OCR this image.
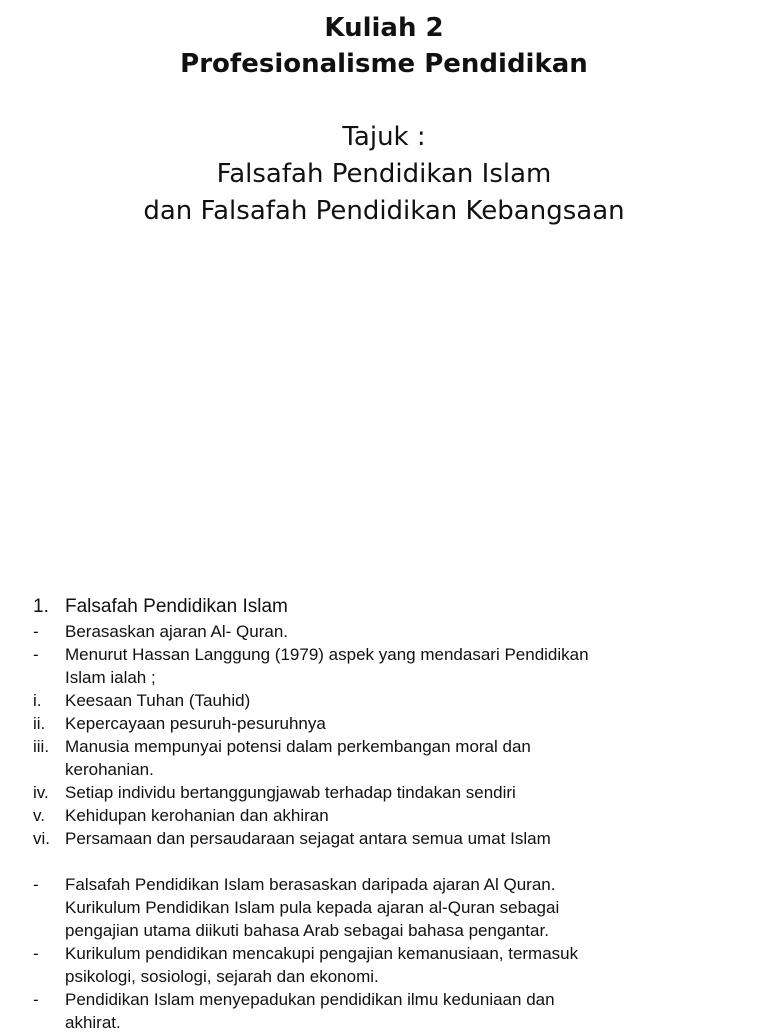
Kuliah 2
Profesionalisme Pendidikan
Tajuk :
Falsafah Pendidikan Islam
dan Falsafah Pendidikan Kebangsaan
1. Falsafah Pendidikan Islam
-	Berasaskan ajaran Al- Quran.
-	Menurut Hassan Langgung (1979) aspek yang mendasari Pendidikan
Islam ialah ;
i.	Keesaan Tuhan (Tauhid)
ii.	Kepercayaan pesuruh-pesuruhnya
iii. Manusia mempunyai potensi dalam perkembangan moral dan
kerohanian.
iv. Setiap individu bertanggungjawab terhadap tindakan sendiri
v.	Kehidupan kerohanian dan akhiran
vi. Persamaan dan persaudaraan sejagat antara semua umat Islam
-	Falsafah Pendidikan Islam berasaskan daripada ajaran Al Quran.
Kurikulum Pendidikan Islam pula kepada ajaran al-Quran sebagai
pengajian utama diikuti bahasa Arab sebagai bahasa pengantar.
-	Kurikulum pendidikan mencakupi pengajian kemanusiaan, termasuk
psikologi, sosiologi, sejarah dan ekonomi.
-	Pendidikan Islam menyepadukan pendidikan ilmu keduniaan dan
akhirat.
